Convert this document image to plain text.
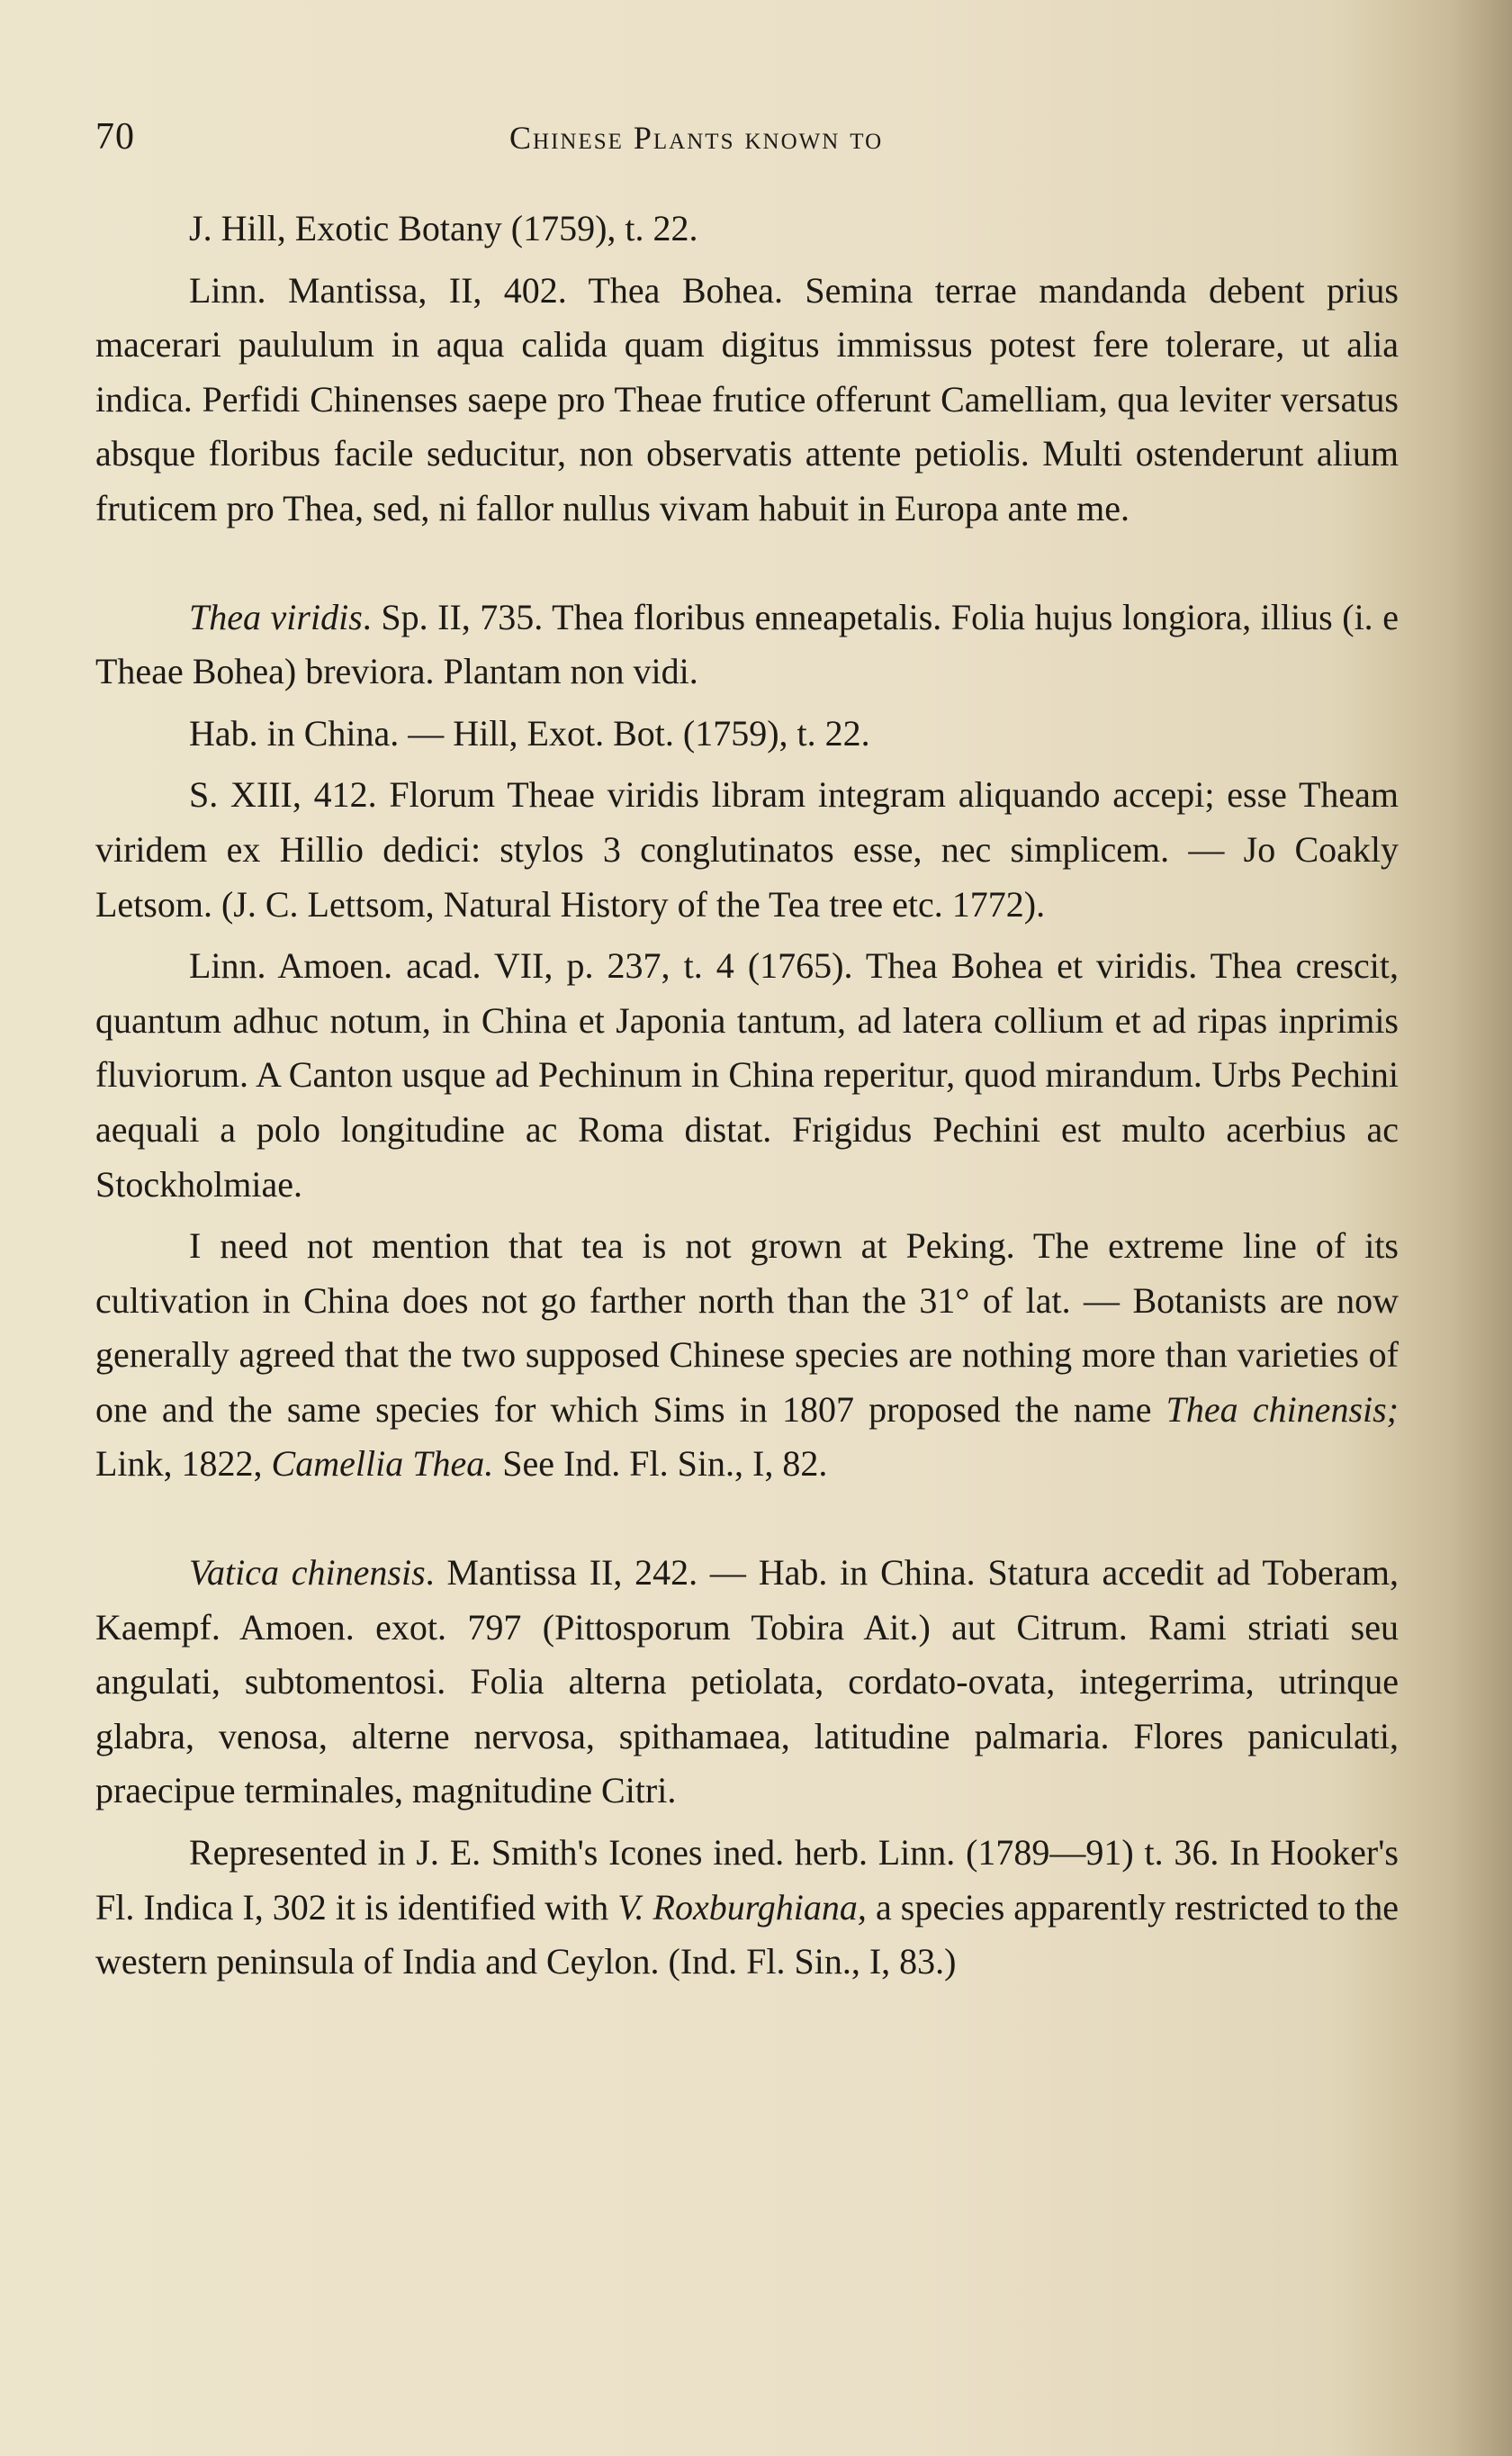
70	Chinese Plants known to

J. Hill, Exotic Botany (1759), t. 22.

Linn. Mantissa, II, 402. Thea Bohea. Semina terrae mandanda debent prius macerari paululum in aqua calida quam digitus immissus potest fere tolerare, ut alia indica. Perfidi Chinenses saepe pro Theae frutice offerunt Camelliam, qua leviter versatus absque floribus facile seducitur, non observatis attente petiolis. Multi ostenderunt alium fruticem pro Thea, sed, ni fallor nullus vivam habuit in Europa ante me.

Thea viridis. Sp. II, 735. Thea floribus enneapetalis. Folia hujus longiora, illius (i. e Theae Bohea) breviora. Plantam non vidi.

Hab. in China. — Hill, Exot. Bot. (1759), t. 22.

S. XIII, 412. Florum Theae viridis libram integram aliquando accepi; esse Theam viridem ex Hillio dedici: stylos 3 conglutinatos esse, nec simplicem. — Jo Coakly Letsom. (J. C. Lettsom, Natural History of the Tea tree etc. 1772).

Linn. Amoen. acad. VII, p. 237, t. 4 (1765). Thea Bohea et viridis. Thea crescit, quantum adhuc notum, in China et Japonia tantum, ad latera collium et ad ripas inprimis fluviorum. A Canton usque ad Pechinum in China reperitur, quod mirandum. Urbs Pechini aequali a polo longitudine ac Roma distat. Frigidus Pechini est multo acerbius ac Stockholmiae.

I need not mention that tea is not grown at Peking. The extreme line of its cultivation in China does not go farther north than the 31° of lat. — Botanists are now generally agreed that the two supposed Chinese species are nothing more than varieties of one and the same species for which Sims in 1807 proposed the name Thea chinensis; Link, 1822, Camellia Thea. See Ind. Fl. Sin., I, 82.

Vatica chinensis. Mantissa II, 242. — Hab. in China. Statura accedit ad Toberam, Kaempf. Amoen. exot. 797 (Pittosporum Tobira Ait.) aut Citrum. Rami striati seu angulati, subtomentosi. Folia alterna petiolata, cordato-ovata, integerrima, utrinque glabra, venosa, alterne nervosa, spithamaea, latitudine palmaria. Flores paniculati, praecipue terminales, magnitudine Citri.

Represented in J. E. Smith's Icones ined. herb. Linn. (1789—91) t. 36. In Hooker's Fl. Indica I, 302 it is identified with V. Roxburghiana, a species apparently restricted to the western peninsula of India and Ceylon. (Ind. Fl. Sin., I, 83.)
